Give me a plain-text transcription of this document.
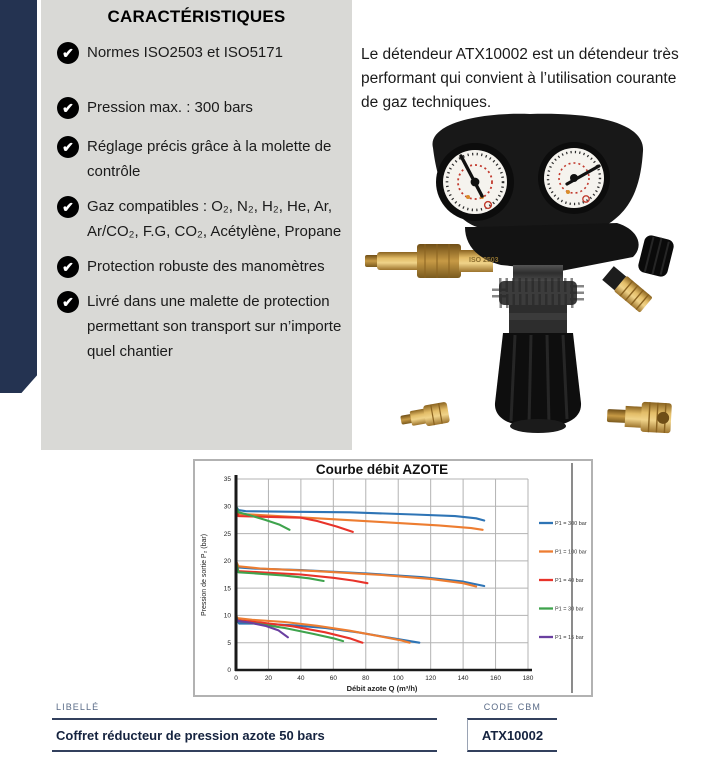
CARACTÉRISTIQUES
✔ Normes ISO2503 et ISO5171
✔ Pression max. : 300 bars
✔ Réglage précis grâce à la molette de contrôle
✔ Gaz compatibles : O₂, N₂, H₂, He, Ar, Ar/CO₂, F.G, CO₂, Acétylène, Propane
✔ Protection robuste des manomètres
✔ Livré dans une malette de protection permettant son transport sur n’importe quel chantier

Le détendeur ATX10002 est un détendeur très performant qui convient à l’utilisation courante de gaz techniques.

ISO 2503
Courbe débit AZOTE
0
5
10
15
20
25
30
35
0	20	40	60	80	100	120	140	160	180
Débit azote Q (m³/h)
Pression de sortie P₂ (bar)
P1 = 300 bar
P1 = 100 bar
P1 = 40 bar
P1 = 30 bar
P1 = 15 bar
LIBELLÉ	CODE CBM
Coffret réducteur de pression azote 50 bars	ATX10002
